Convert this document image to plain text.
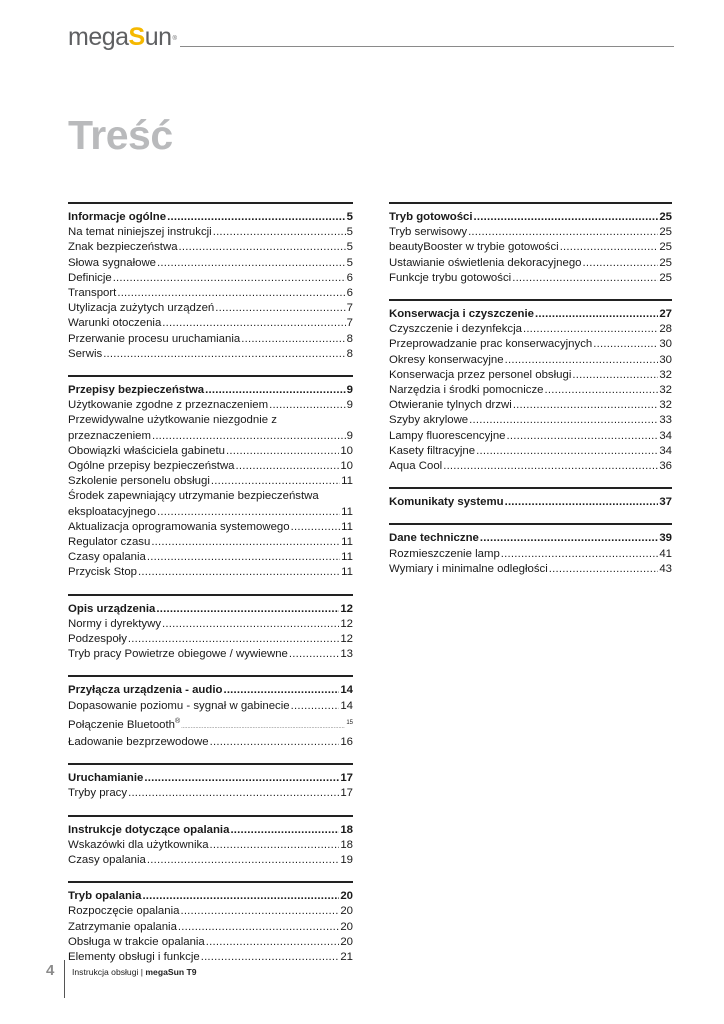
megaSun®
Treść
Informacje ogólne .....	5
Na temat niniejszej instrukcji .....	5
Znak bezpieczeństwa .....	5
Słowa sygnałowe .....	5
Definicje .....	6
Transport .....	6
Utylizacja zużytych urządzeń .....	7
Warunki otoczenia .....	7
Przerwanie procesu uruchamiania .....	8
Serwis .....	8
Przepisy bezpieczeństwa .....	9
Użytkowanie zgodne z przeznaczeniem .....	9
Przewidywalne użytkowanie niezgodnie z
przeznaczeniem .....	9
Obowiązki właściciela gabinetu .....	10
Ogólne przepisy bezpieczeństwa .....	10
Szkolenie personelu obsługi .....	11
Środek zapewniający utrzymanie bezpieczeństwa
eksploatacyjnego .....	11
Aktualizacja oprogramowania systemowego .....	11
Regulator czasu .....	11
Czasy opalania .....	11
Przycisk Stop .....	11
Opis urządzenia .....	12
Normy i dyrektywy .....	12
Podzespoły .....	12
Tryb pracy Powietrze obiegowe / wywiewne .....	13
Przyłącza urządzenia - audio .....	14
Dopasowanie poziomu - sygnał w gabinecie .....	14
Połączenie Bluetooth® .....	15
Ładowanie bezprzewodowe .....	16
Uruchamianie .....	17
Tryby pracy .....	17
Instrukcje dotyczące opalania .....	18
Wskazówki dla użytkownika .....	18
Czasy opalania .....	19
Tryb opalania .....	20
Rozpoczęcie opalania .....	20
Zatrzymanie opalania .....	20
Obsługa w trakcie opalania .....	20
Elementy obsługi i funkcje .....	21
Tryb gotowości .....	25
Tryb serwisowy .....	25
beautyBooster w trybie gotowości .....	25
Ustawianie oświetlenia dekoracyjnego .....	25
Funkcje trybu gotowości .....	25
Konserwacja i czyszczenie .....	27
Czyszczenie i dezynfekcja .....	28
Przeprowadzanie prac konserwacyjnych .....	30
Okresy konserwacyjne .....	30
Konserwacja przez personel obsługi .....	32
Narzędzia i środki pomocnicze .....	32
Otwieranie tylnych drzwi .....	32
Szyby akrylowe .....	33
Lampy fluorescencyjne .....	34
Kasety filtracyjne .....	34
Aqua Cool .....	36
Komunikaty systemu .....	37
Dane techniczne .....	39
Rozmieszczenie lamp .....	41
Wymiary i minimalne odległości .....	43
4 Instrukcja obsługi | megaSun T9
